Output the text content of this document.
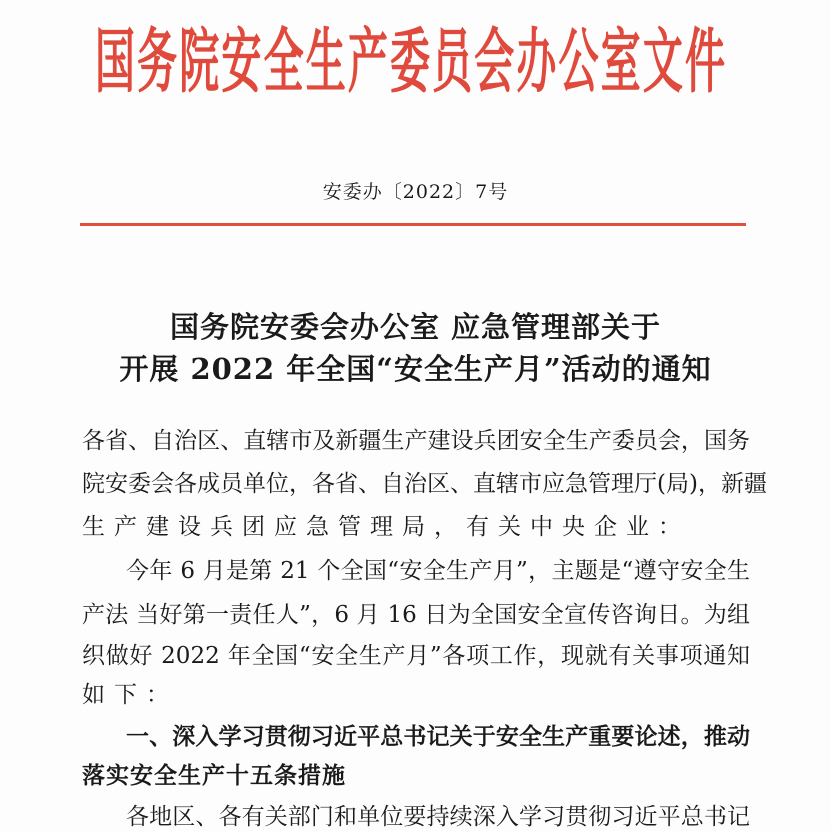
国 务 院 安 全 生 产 委 员 会 办 公 室 文 件
安委办〔2022〕7号
国务院安委会办公室 应急管理部关于
开展 2022 年全国“安全生产月”活动的通知
各省、自治区、直辖市及新疆生产建设兵团安全生产委员会，国务
院安委会各成员单位，各省、自治区、直辖市应急管理厅(局)，新疆
生产建设兵团应急管理局，有关中央企业：
今年 6 月是第 21 个全国“安全生产月”，主题是“遵守安全生
产法 当好第一责任人”，6 月 16 日为全国安全宣传咨询日。为组
织做好 2022 年全国“安全生产月”各项工作，现就有关事项通知
如下：
一、深入学习贯彻习近平总书记关于安全生产重要论述，推动
落实安全生产十五条措施
各地区、各有关部门和单位要持续深入学习贯彻习近平总书记
